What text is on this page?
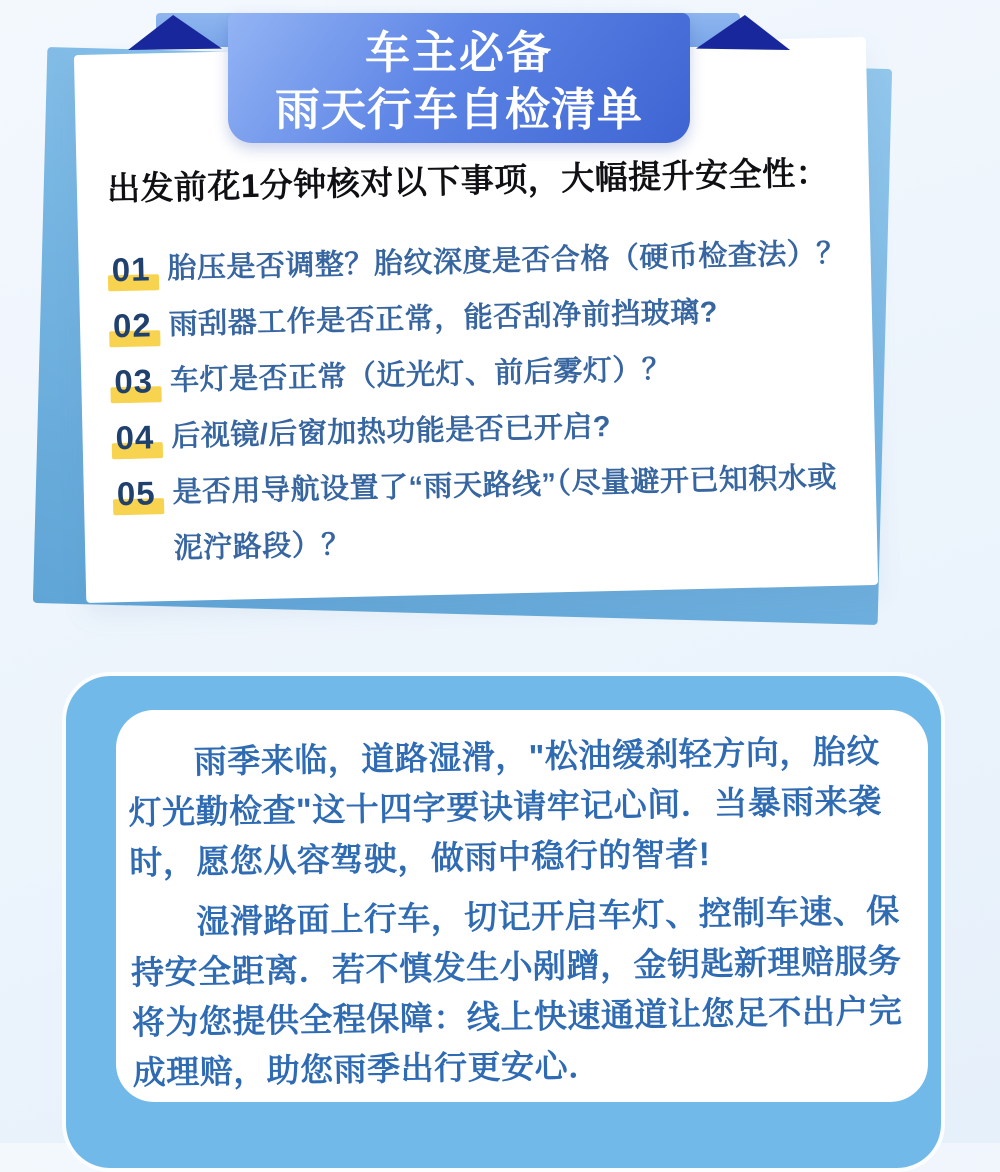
出发前花1分钟核对以下事项，大幅提升安全性：
01 胎压是否调整？胎纹深度是否合格（硬币检查法）？
02 雨刮器工作是否正常，能否刮净前挡玻璃?
03 车灯是否正常（近光灯、前后雾灯）？
04 后视镜/后窗加热功能是否已开启?
05 是否用导航设置了“雨天路线”（尽量避开已知积水或泥泞路段）？
车主必备
雨天行车自检清单

雨季来临，道路湿滑，"松油缓刹轻方向，胎纹灯光勤检查"这十四字要诀请牢记心间．当暴雨来袭时，愿您从容驾驶，做雨中稳行的智者!

湿滑路面上行车，切记开启车灯、控制车速、保持安全距离．若不慎发生小剐蹭，金钥匙新理赔服务将为您提供全程保障：线上快速通道让您足不出户完成理赔，助您雨季出行更安心．
